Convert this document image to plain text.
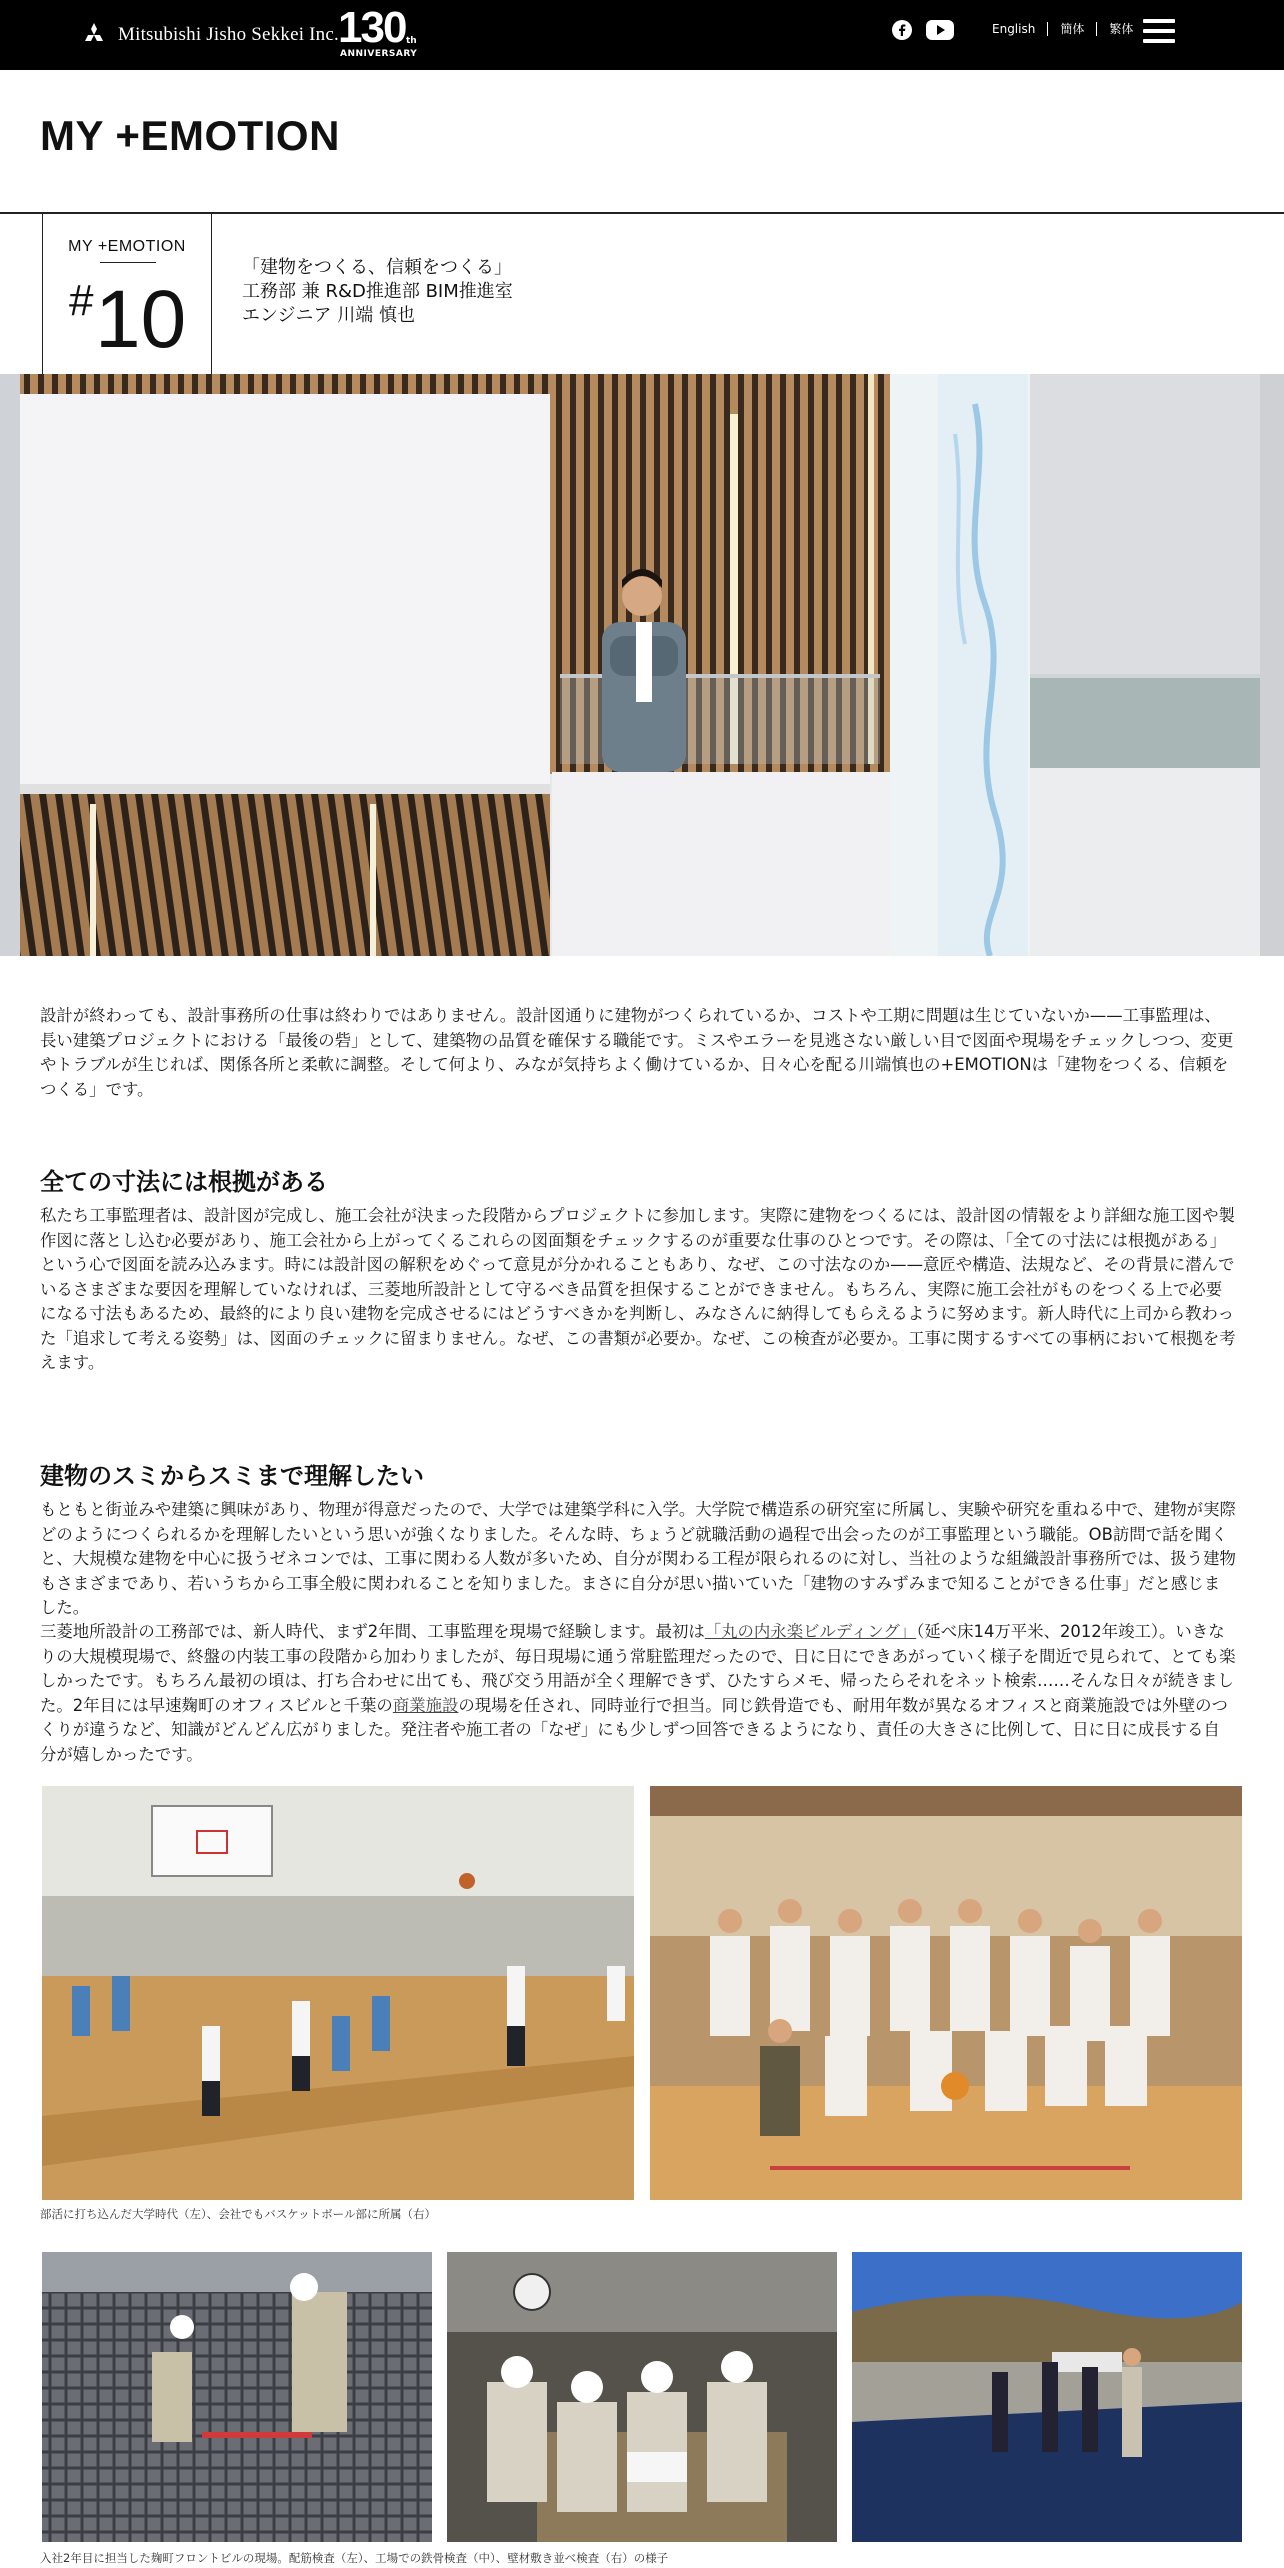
Mitsubishi Jisho Sekkei Inc. 130 th
ANNIVERSARY
English	簡体	繁体
MY +EMOTION
MY +EMOTION
# 10
「建物をつくる、信頼をつくる」
工務部 兼 R&D推進部 BIM推進室
エンジニア 川端 慎也

設計が終わっても、設計事務所の仕事は終わりではありません。設計図通りに建物がつくられているか、コストや工期に問題は生じていないか——工事監理は、長い建築プロジェクトにおける「最後の砦」として、建築物の品質を確保する職能です。ミスやエラーを見逃さない厳しい目で図面や現場をチェックしつつ、変更やトラブルが生じれば、関係各所と柔軟に調整。そして何より、みなが気持ちよく働けているか、日々心を配る川端慎也の+EMOTIONは「建物をつくる、信頼をつくる」です。

全ての寸法には根拠がある

私たち工事監理者は、設計図が完成し、施工会社が決まった段階からプロジェクトに参加します。実際に建物をつくるには、設計図の情報をより詳細な施工図や製作図に落とし込む必要があり、施工会社から上がってくるこれらの図面類をチェックするのが重要な仕事のひとつです。その際は、「全ての寸法には根拠がある」という心で図面を読み込みます。時には設計図の解釈をめぐって意見が分かれることもあり、なぜ、この寸法なのか——意匠や構造、法規など、その背景に潜んでいるさまざまな要因を理解していなければ、三菱地所設計として守るべき品質を担保することができません。もちろん、実際に施工会社がものをつくる上で必要になる寸法もあるため、最終的により良い建物を完成させるにはどうすべきかを判断し、みなさんに納得してもらえるように努めます。新人時代に上司から教わった「追求して考える姿勢」は、図面のチェックに留まりません。なぜ、この書類が必要か。なぜ、この検査が必要か。工事に関するすべての事柄において根拠を考えます。

建物のスミからスミまで理解したい

もともと街並みや建築に興味があり、物理が得意だったので、大学では建築学科に入学。大学院で構造系の研究室に所属し、実験や研究を重ねる中で、建物が実際どのようにつくられるかを理解したいという思いが強くなりました。そんな時、ちょうど就職活動の過程で出会ったのが工事監理という職能。OB訪問で話を聞くと、大規模な建物を中心に扱うゼネコンでは、工事に関わる人数が多いため、自分が関わる工程が限られるのに対し、当社のような組織設計事務所では、扱う建物もさまざまであり、若いうちから工事全般に関われることを知りました。まさに自分が思い描いていた「建物のすみずみまで知ることができる仕事」だと感じました。

三菱地所設計の工務部では、新人時代、まず2年間、工事監理を現場で経験します。最初は「丸の内永楽ビルディング」（延べ床14万平米、2012年竣工）。いきなりの大規模現場で、終盤の内装工事の段階から加わりましたが、毎日現場に通う常駐監理だったので、日に日にできあがっていく様子を間近で見られて、とても楽しかったです。もちろん最初の頃は、打ち合わせに出ても、飛び交う用語が全く理解できず、ひたすらメモ、帰ったらそれをネット検索……そんな日々が続きました。2年目には早速麹町のオフィスビルと千葉の商業施設の現場を任され、同時並行で担当。同じ鉄骨造でも、耐用年数が異なるオフィスと商業施設では外壁のつくりが違うなど、知識がどんどん広がりました。発注者や施工者の「なぜ」にも少しずつ回答できるようになり、責任の大きさに比例して、日に日に成長する自分が嬉しかったです。

部活に打ち込んだ大学時代（左）、会社でもバスケットボール部に所属（右）
入社2年目に担当した麹町フロントビルの現場。配筋検査（左）、工場での鉄骨検査（中）、壁材敷き並べ検査（右）の様子
